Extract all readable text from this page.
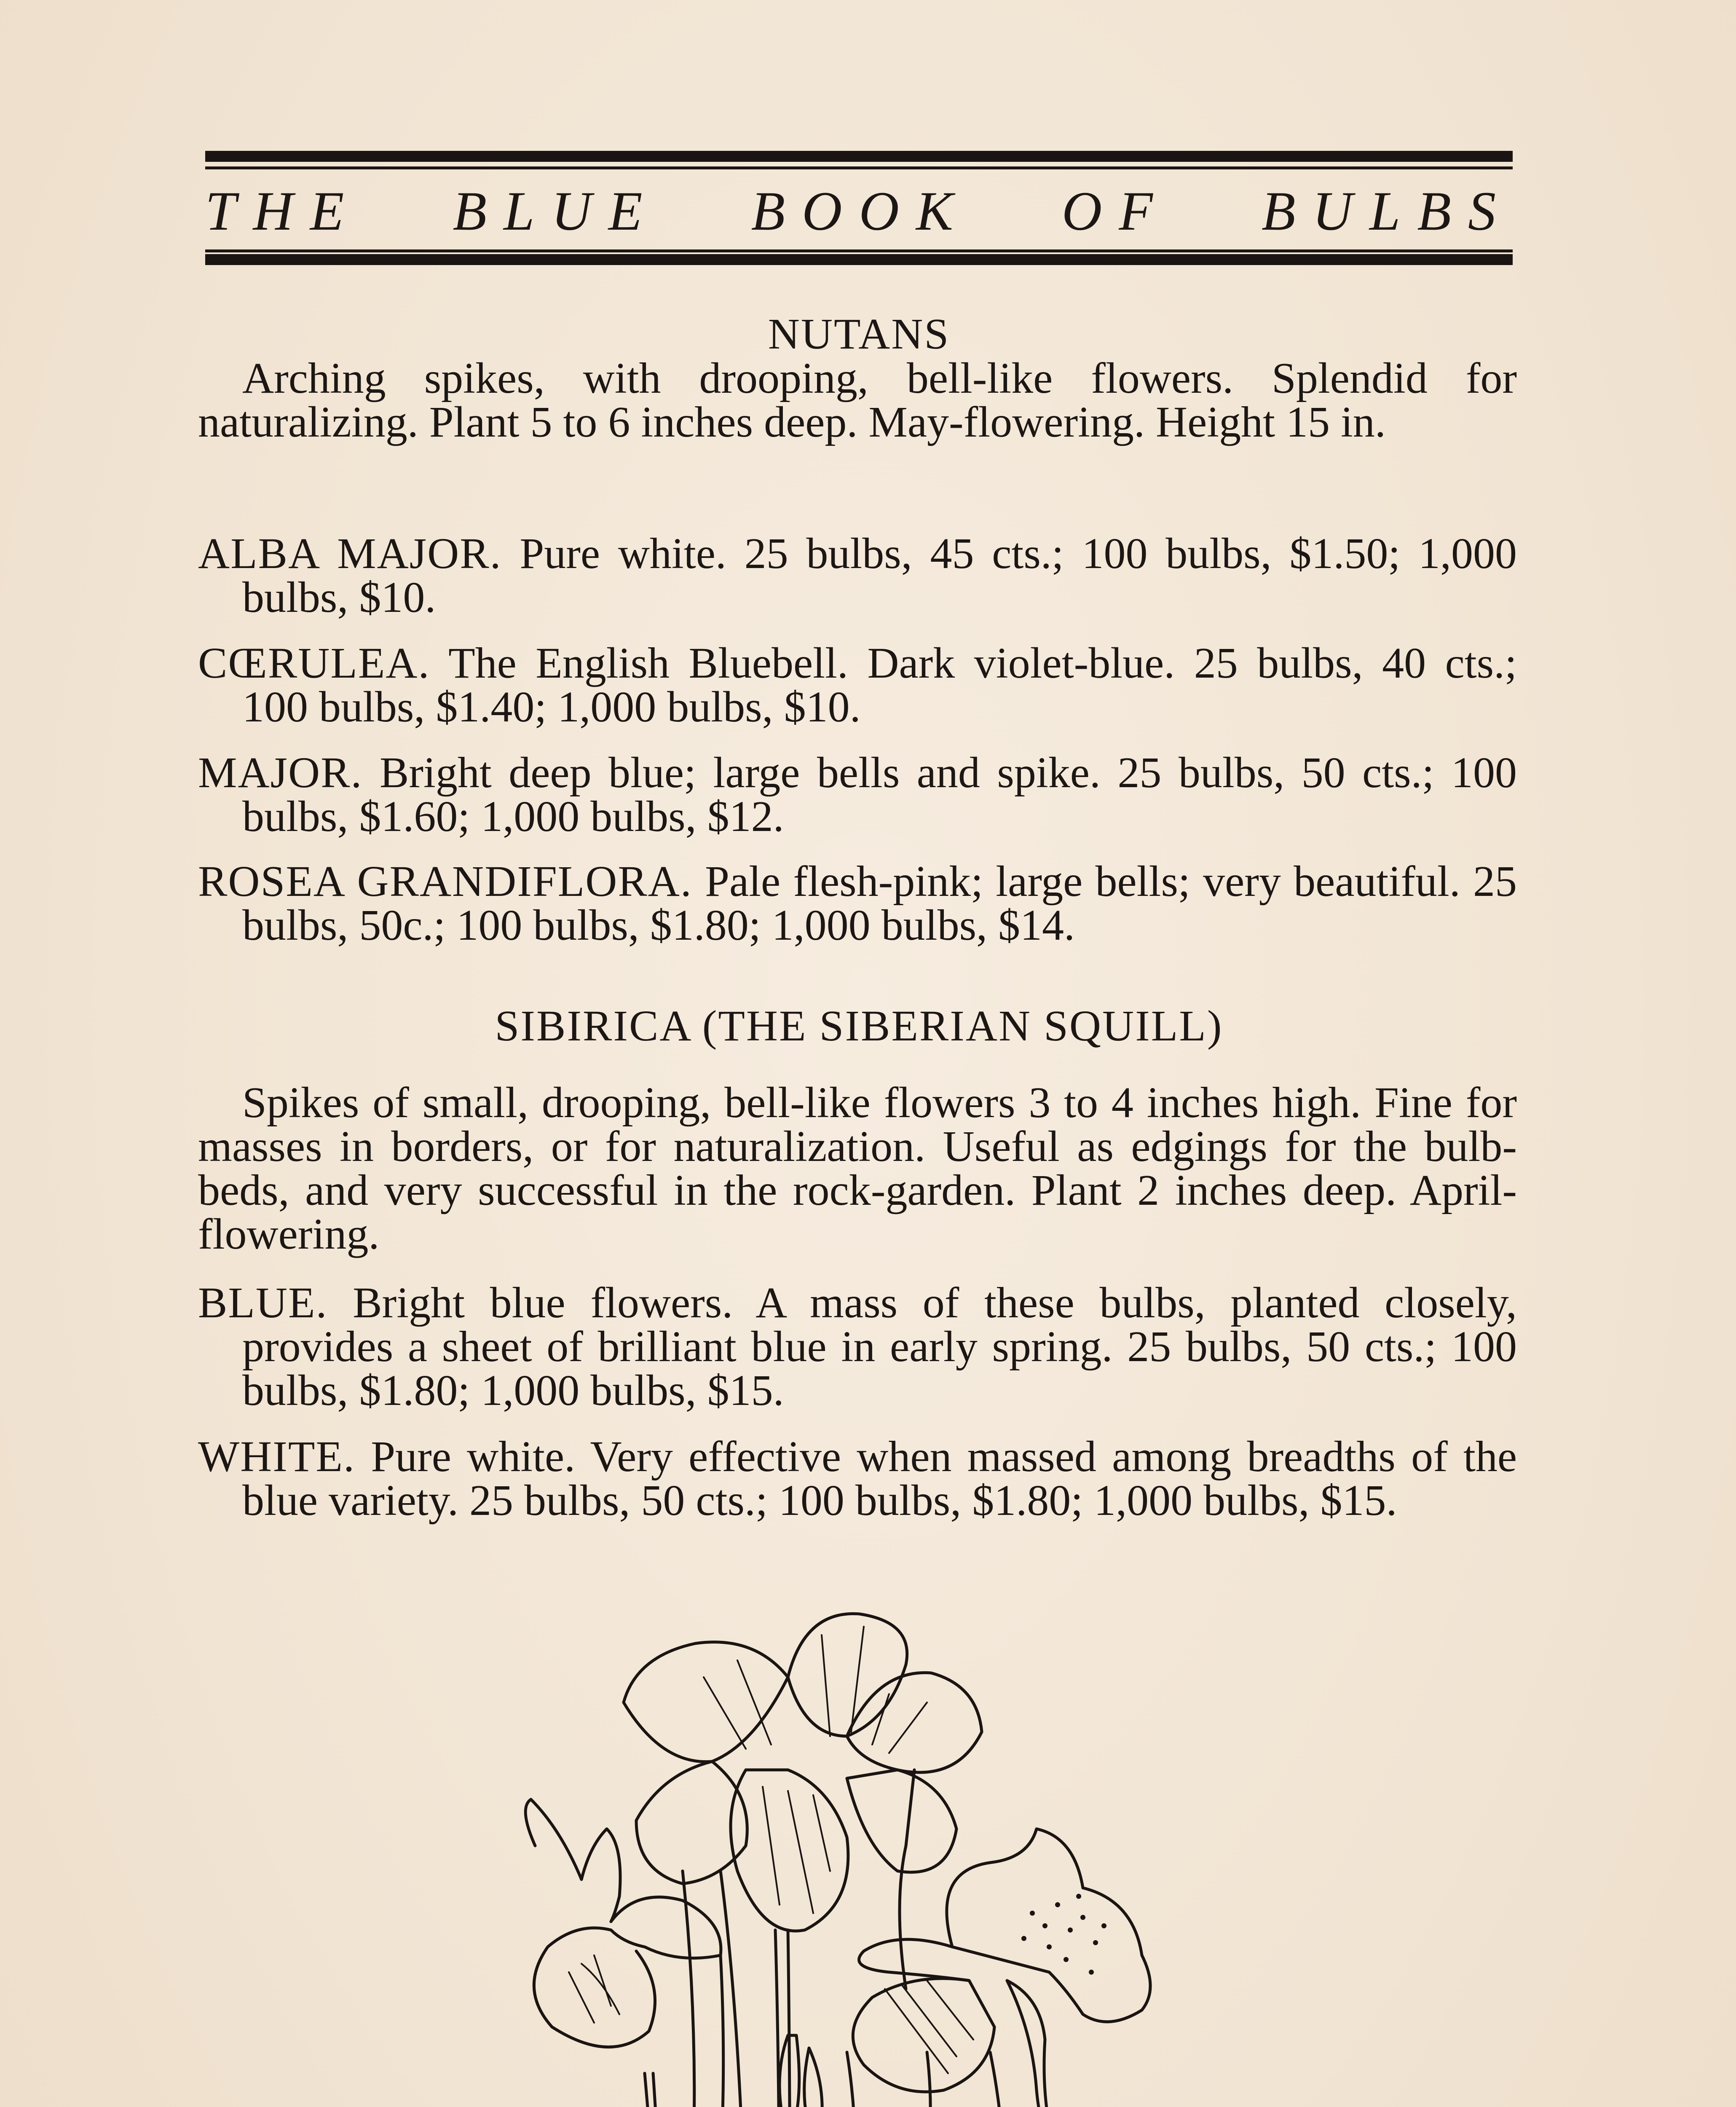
THE BLUE BOOK OF BULBS
NUTANS

Arching spikes, with drooping, bell-like flowers. Splendid for naturalizing. Plant 5 to 6 inches deep. May-flowering. Height 15 in.

ALBA MAJOR. Pure white. 25 bulbs, 45 cts.; 100 bulbs, $1.50; 1,000 bulbs, $10.

CŒRULEA. The English Bluebell. Dark violet-blue. 25 bulbs, 40 cts.; 100 bulbs, $1.40; 1,000 bulbs, $10.

MAJOR. Bright deep blue; large bells and spike. 25 bulbs, 50 cts.; 100 bulbs, $1.60; 1,000 bulbs, $12.

ROSEA GRANDIFLORA. Pale flesh-pink; large bells; very beautiful. 25 bulbs, 50c.; 100 bulbs, $1.80; 1,000 bulbs, $14.

SIBIRICA (THE SIBERIAN SQUILL)

Spikes of small, drooping, bell-like flowers 3 to 4 inches high. Fine for masses in borders, or for naturalization. Useful as edgings for the bulb-beds, and very successful in the rock-garden. Plant 2 inches deep. April-flowering.

BLUE. Bright blue flowers. A mass of these bulbs, planted closely, provides a sheet of brilliant blue in early spring. 25 bulbs, 50 cts.; 100 bulbs, $1.80; 1,000 bulbs, $15.

WHITE. Pure white. Very effective when massed among breadths of the blue variety. 25 bulbs, 50 cts.; 100 bulbs, $1.80; 1,000 bulbs, $15.
